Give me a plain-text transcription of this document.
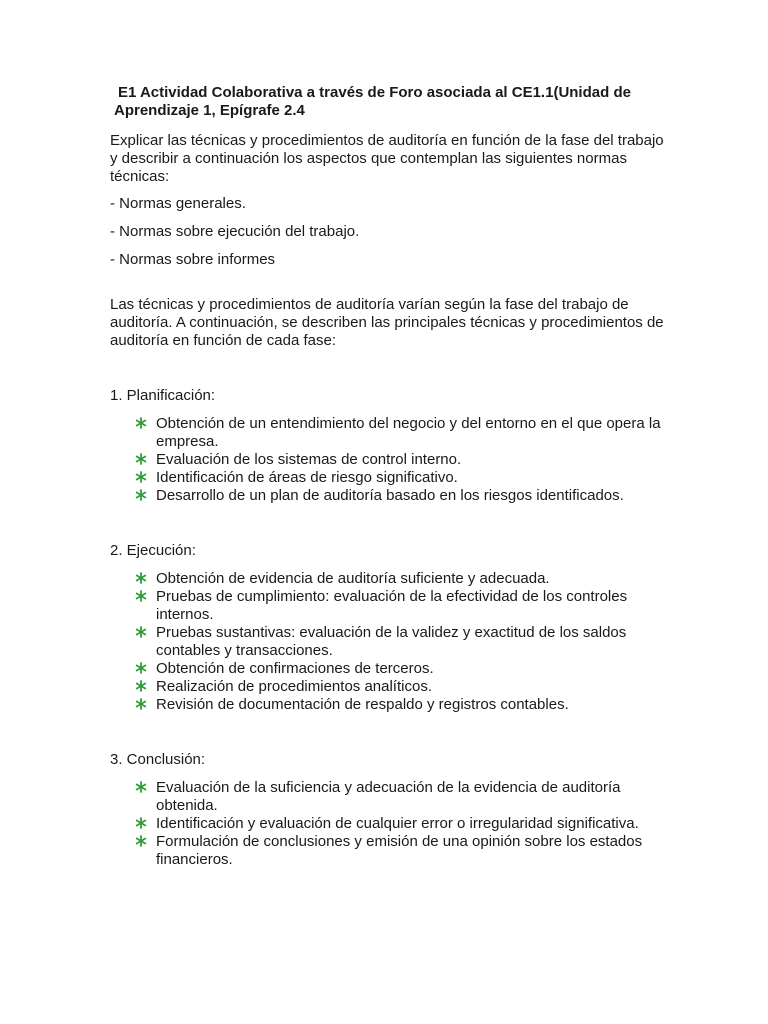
E1 Actividad Colaborativa a través de Foro asociada al CE1.1(Unidad de
Aprendizaje 1, Epígrafe 2.4

Explicar las técnicas y procedimientos de auditoría en función de la fase del trabajo y describir a continuación los aspectos que contemplan las siguientes normas técnicas:

- Normas generales.

- Normas sobre ejecución del trabajo.

- Normas sobre informes

Las técnicas y procedimientos de auditoría varían según la fase del trabajo de auditoría. A continuación, se describen las principales técnicas y procedimientos de auditoría en función de cada fase:

1. Planificación:
Obtención de un entendimiento del negocio y del entorno en el que opera la empresa.
Evaluación de los sistemas de control interno.
Identificación de áreas de riesgo significativo.
Desarrollo de un plan de auditoría basado en los riesgos identificados.
2. Ejecución:
Obtención de evidencia de auditoría suficiente y adecuada.
Pruebas de cumplimiento: evaluación de la efectividad de los controles internos.
Pruebas sustantivas: evaluación de la validez y exactitud de los saldos contables y transacciones.
Obtención de confirmaciones de terceros.
Realización de procedimientos analíticos.
Revisión de documentación de respaldo y registros contables.
3. Conclusión:
Evaluación de la suficiencia y adecuación de la evidencia de auditoría obtenida.
Identificación y evaluación de cualquier error o irregularidad significativa.
Formulación de conclusiones y emisión de una opinión sobre los estados financieros.
